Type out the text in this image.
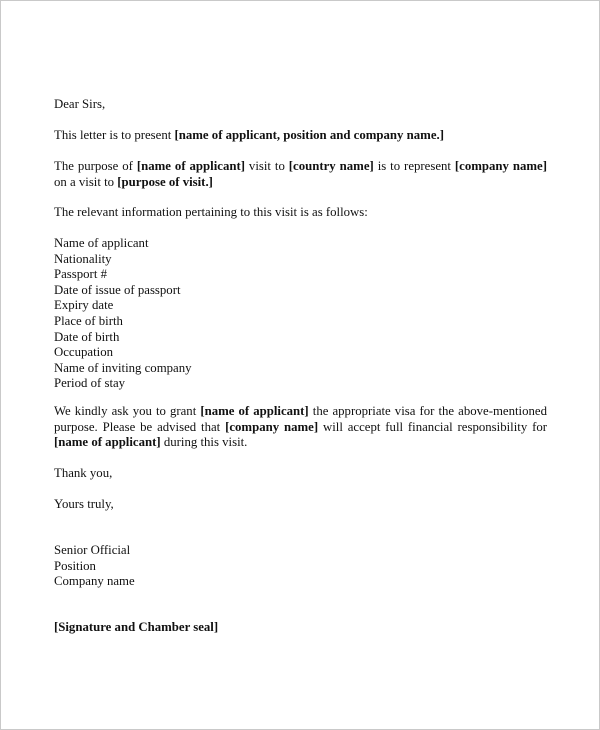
Dear Sirs,

This letter is to present [name of applicant, position and company name.]

The purpose of [name of applicant] visit to [country name] is to represent [company name] on a visit to [purpose of visit.]

The relevant information pertaining to this visit is as follows:

Name of applicant
Nationality
Passport #
Date of issue of passport
Expiry date
Place of birth
Date of birth
Occupation
Name of inviting company
Period of stay

We kindly ask you to grant [name of applicant] the appropriate visa for the above-mentioned purpose. Please be advised that [company name] will accept full financial responsibility for [name of applicant] during this visit.

Thank you,

Yours truly,

Senior Official
Position
Company name

[Signature and Chamber seal]
